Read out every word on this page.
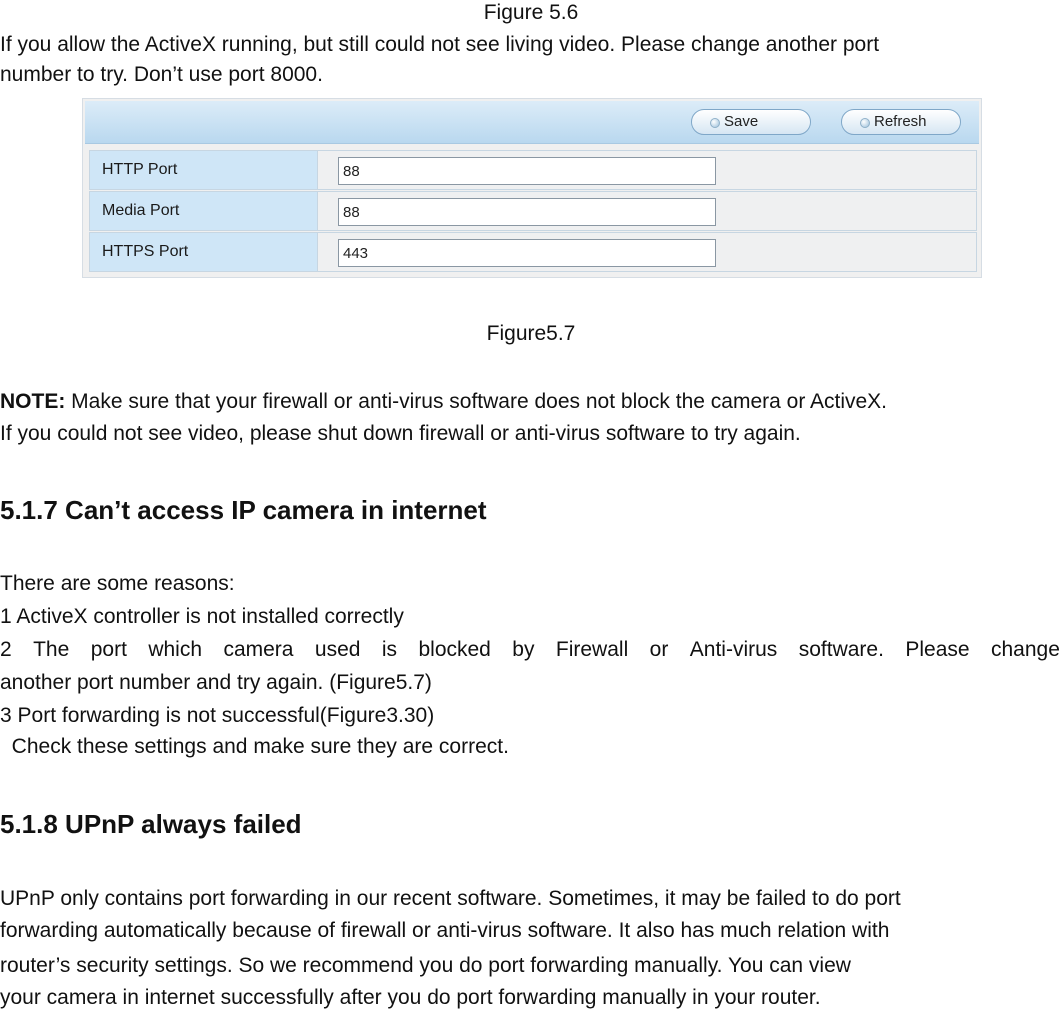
Figure 5.6
If you allow the ActiveX running, but still could not see living video. Please change another port
number to try. Don’t use port 8000.
Save	Refresh
HTTP Port
88
Media Port
88
HTTPS Port
443
Figure5.7
NOTE: Make sure that your firewall or anti-virus software does not block the camera or ActiveX.
If you could not see video, please shut down firewall or anti-virus software to try again.
5.1.7 Can’t access IP camera in internet
There are some reasons:
1 ActiveX controller is not installed correctly
2 The port which camera used is blocked by Firewall or Anti-virus software. Please change
another port number and try again. (Figure5.7)
3 Port forwarding is not successful(Figure3.30)
Check these settings and make sure they are correct.
5.1.8 UPnP always failed
UPnP only contains port forwarding in our recent software. Sometimes, it may be failed to do port
forwarding automatically because of firewall or anti-virus software. It also has much relation with
router’s security settings. So we recommend you do port forwarding manually. You can view
your camera in internet successfully after you do port forwarding manually in your router.
